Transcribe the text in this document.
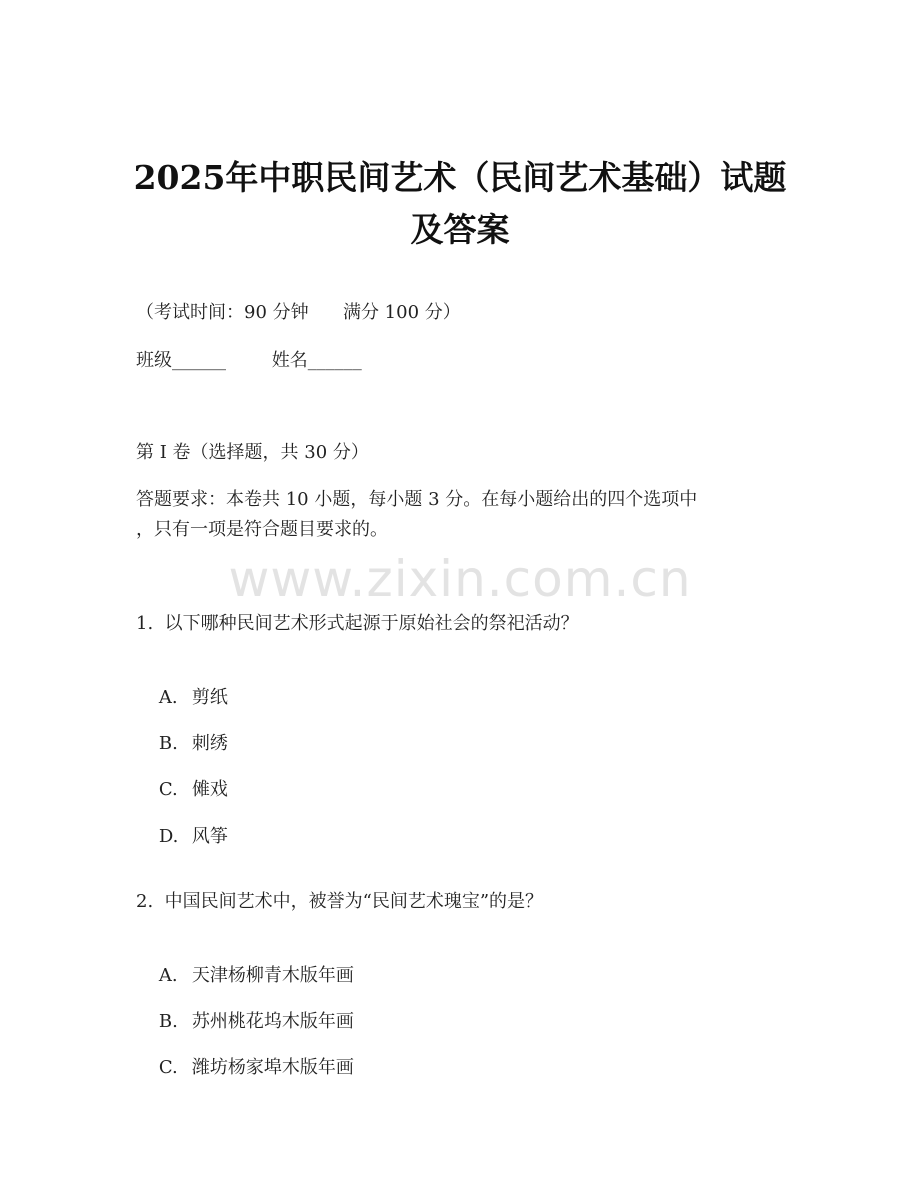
2025年中职民间艺术（民间艺术基础）试题
及答案
（考试时间：90 分钟      满分 100 分）
班级______        姓名______
第 I 卷（选择题，共 30 分）
答题要求：本卷共 10 小题，每小题 3 分。在每小题给出的四个选项中
，只有一项是符合题目要求的。
www.zixin.com.cn
1.  以下哪种民间艺术形式起源于原始社会的祭祀活动？

A. 剪纸

B. 刺绣

C. 傩戏

D. 风筝

2.  中国民间艺术中，被誉为“民间艺术瑰宝”的是？

A. 天津杨柳青木版年画

B. 苏州桃花坞木版年画

C. 潍坊杨家埠木版年画
